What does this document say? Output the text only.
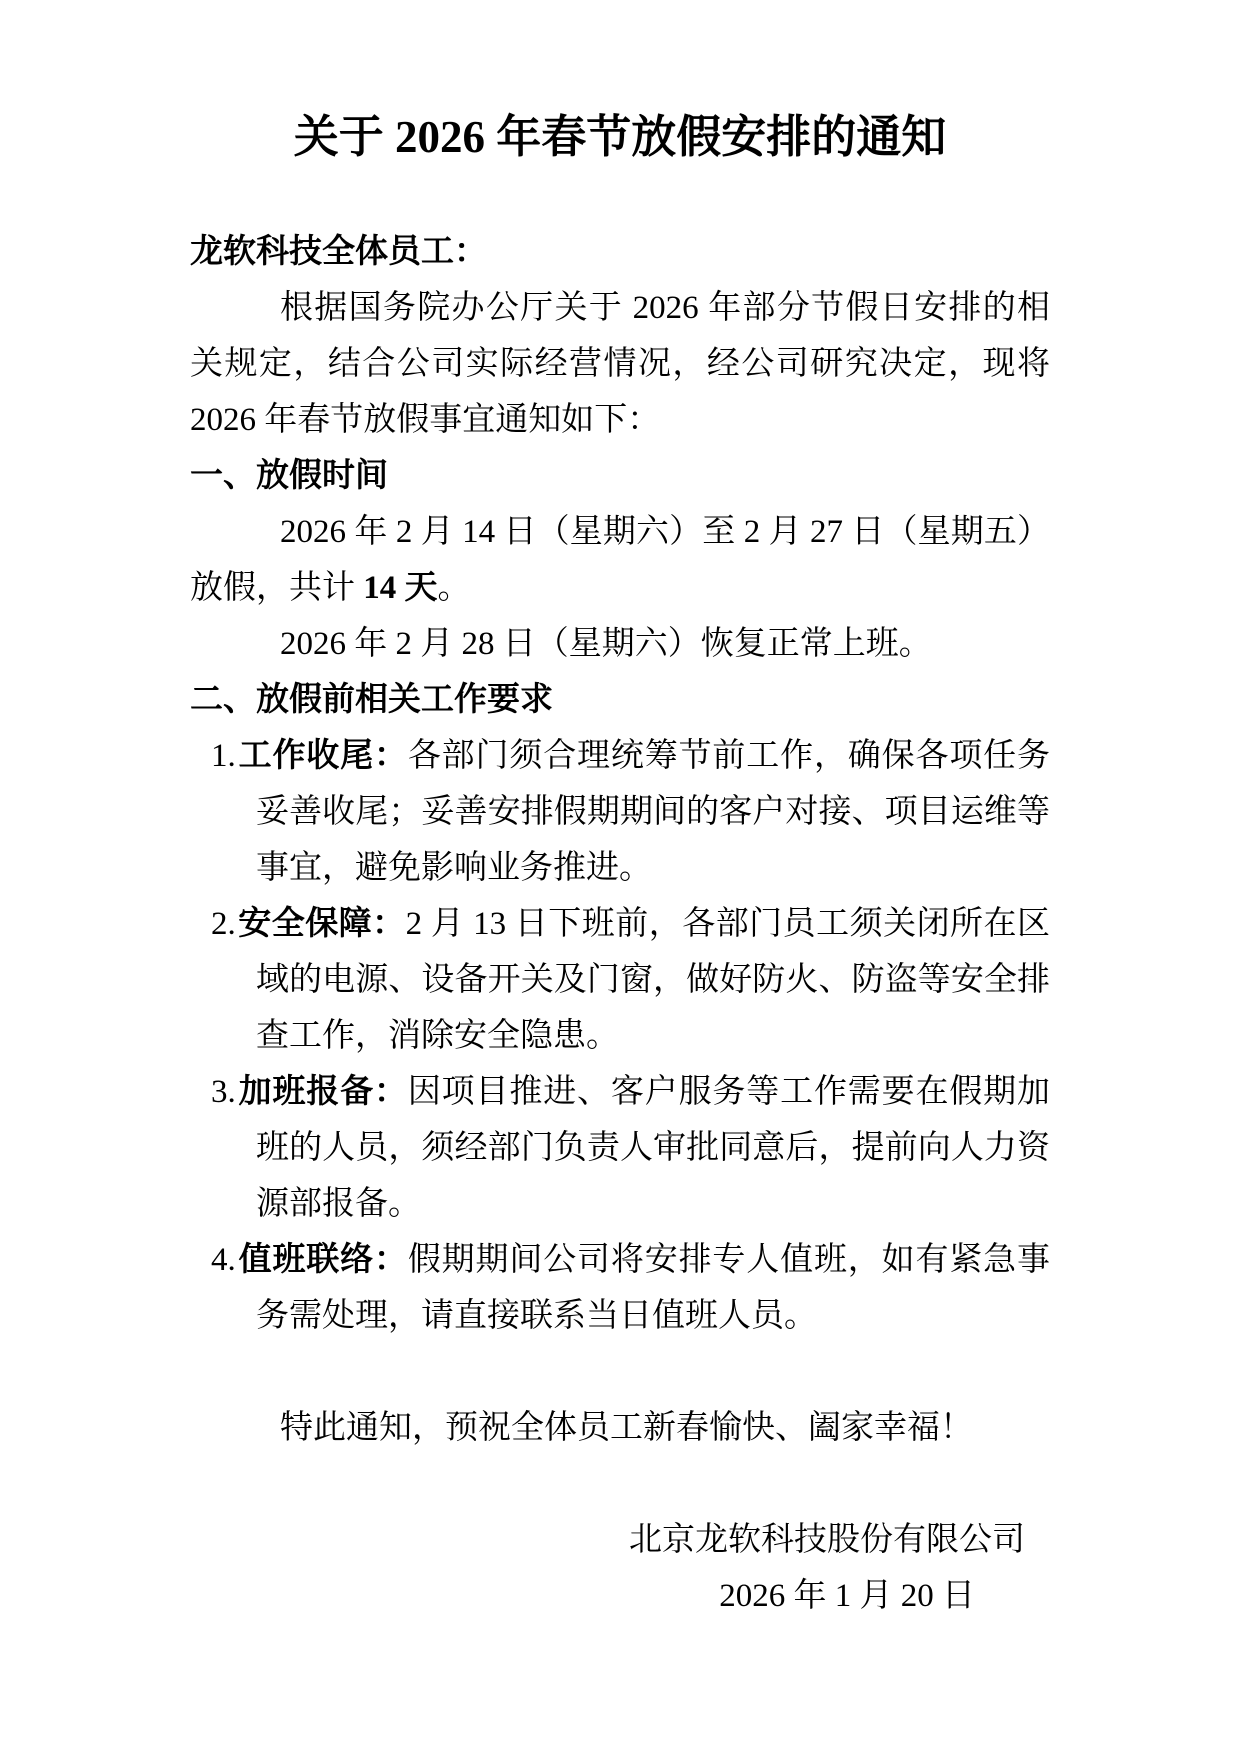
关于 2026 年春节放假安排的通知

龙软科技全体员工：

根据国务院办公厅关于 2026 年部分节假日安排的相关规定，结合公司实际经营情况，经公司研究决定，现将 2026 年春节放假事宜通知如下：

一、放假时间

2026 年 2 月 14 日（星期六）至 2 月 27 日（星期五）放假，共计 14 天。

2026 年 2 月 28 日（星期六）恢复正常上班。

二、放假前相关工作要求
1.工作收尾：各部门须合理统筹节前工作，确保各项任务妥善收尾；妥善安排假期期间的客户对接、项目运维等事宜，避免影响业务推进。
2.安全保障：2 月 13 日下班前，各部门员工须关闭所在区域的电源、设备开关及门窗，做好防火、防盗等安全排查工作，消除安全隐患。
3.加班报备：因项目推进、客户服务等工作需要在假期加班的人员，须经部门负责人审批同意后，提前向人力资源部报备。
4.值班联络：假期期间公司将安排专人值班，如有紧急事务需处理，请直接联系当日值班人员。

特此通知，预祝全体员工新春愉快、阖家幸福！

北京龙软科技股份有限公司

2026 年 1 月 20 日
